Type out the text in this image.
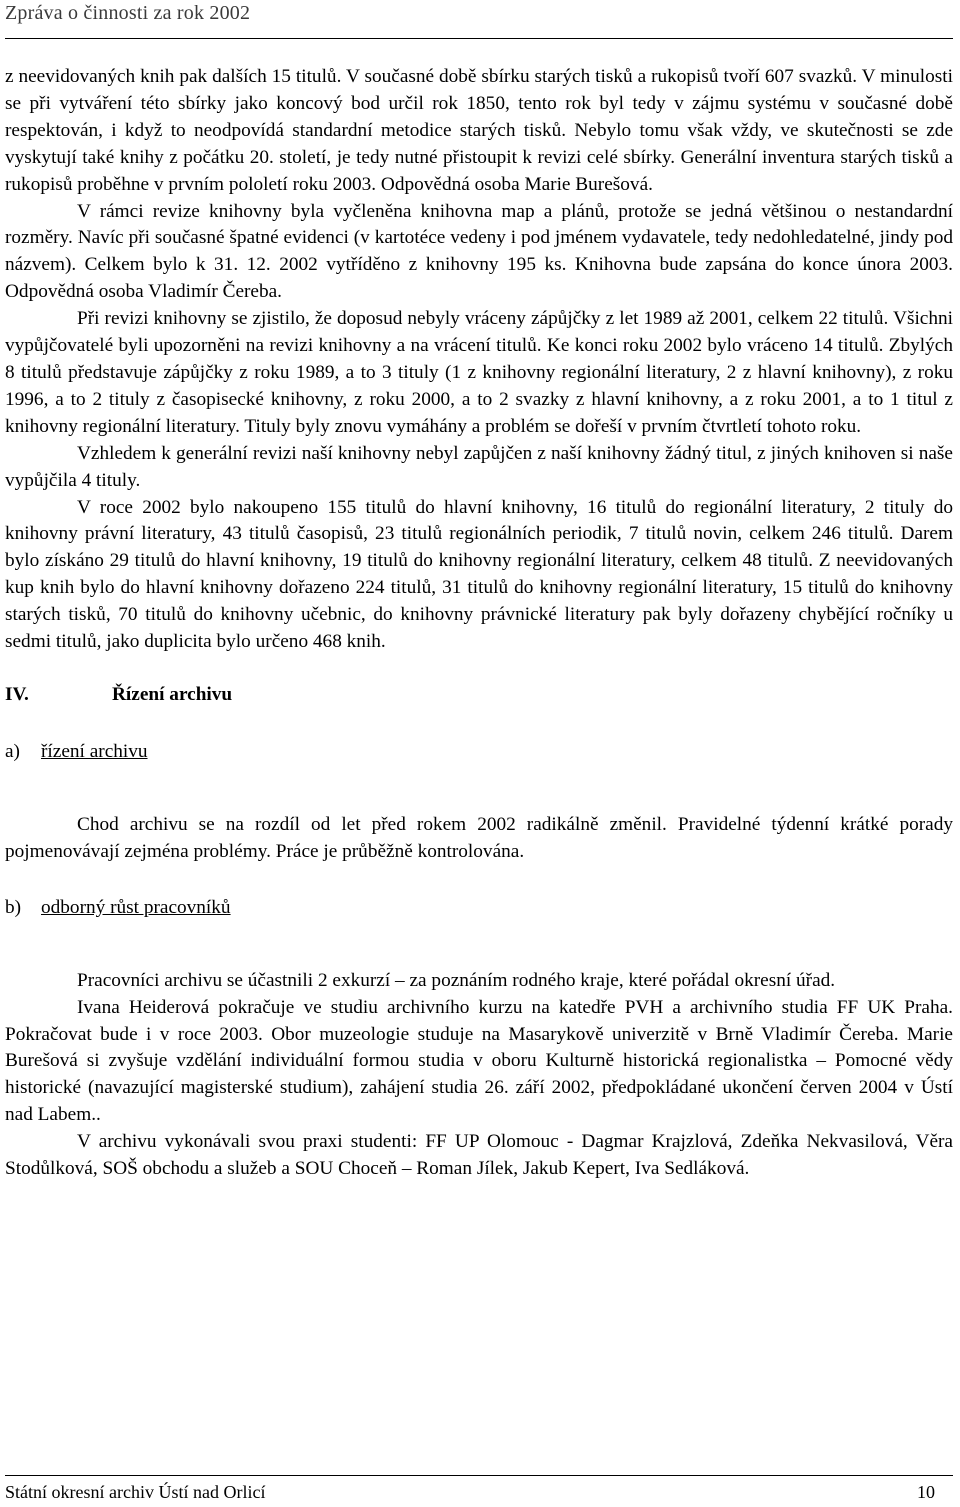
Zpráva o činnosti za rok 2002

z neevidovaných knih pak dalších 15 titulů. V současné době sbírku starých tisků a rukopisů tvoří 607 svazků. V minulosti se při vytváření této sbírky jako koncový bod určil rok 1850, tento rok byl tedy v zájmu systému v současné době respektován, i když to neodpovídá standardní metodice starých tisků. Nebylo tomu však vždy, ve skutečnosti se zde vyskytují také knihy z počátku 20. století, je tedy nutné přistoupit k revizi celé sbírky. Generální inventura starých tisků a rukopisů proběhne v prvním pololetí roku 2003. Odpovědná osoba Marie Burešová.

V rámci revize knihovny byla vyčleněna knihovna map a plánů, protože se jedná většinou o nestandardní rozměry. Navíc při současné špatné evidenci (v kartotéce vedeny i pod jménem vydavatele, tedy nedohledatelné, jindy pod názvem). Celkem bylo k 31. 12. 2002 vytříděno z knihovny 195 ks. Knihovna bude zapsána do konce února 2003. Odpovědná osoba Vladimír Čereba.

Při revizi knihovny se zjistilo, že doposud nebyly vráceny zápůjčky z let 1989 až 2001, celkem 22 titulů. Všichni vypůjčovatelé byli upozorněni na revizi knihovny a na vrácení titulů. Ke konci roku 2002 bylo vráceno 14 titulů. Zbylých 8 titulů představuje zápůjčky z roku 1989, a to 3 tituly (1 z knihovny regionální literatury, 2 z hlavní knihovny), z roku 1996, a to 2 tituly z časopisecké knihovny, z roku 2000, a to 2 svazky z hlavní knihovny, a z roku 2001, a to 1 titul z knihovny regionální literatury. Tituly byly znovu vymáhány a problém se dořeší v prvním čtvrtletí tohoto roku.

Vzhledem k generální revizi naší knihovny nebyl zapůjčen z naší knihovny žádný titul, z jiných knihoven si naše vypůjčila 4 tituly.

V roce 2002 bylo nakoupeno 155 titulů do hlavní knihovny, 16 titulů do regionální literatury, 2 tituly do knihovny právní literatury, 43 titulů časopisů, 23 titulů regionálních periodik, 7 titulů novin, celkem 246 titulů. Darem bylo získáno 29 titulů do hlavní knihovny, 19 titulů do knihovny regionální literatury, celkem 48 titulů. Z neevidovaných kup knih bylo do hlavní knihovny dořazeno 224 titulů, 31 titulů do knihovny regionální literatury, 15 titulů do knihovny starých tisků, 70 titulů do knihovny učebnic, do knihovny právnické literatury pak byly dořazeny chybějící ročníky u sedmi titulů, jako duplicita bylo určeno 468 knih.

IV.	Řízení archivu
a) řízení archivu

Chod archivu se na rozdíl od let před rokem 2002 radikálně změnil. Pravidelné týdenní krátké porady pojmenovávají zejména problémy. Práce je průběžně kontrolována.

b) odborný růst pracovníků

Pracovníci archivu se účastnili 2 exkurzí – za poznáním rodného kraje, které pořádal okresní úřad.

Ivana Heiderová pokračuje ve studiu archivního kurzu na katedře PVH a archivního studia FF UK Praha. Pokračovat bude i v roce 2003. Obor muzeologie studuje na Masarykově univerzitě v Brně Vladimír Čereba. Marie Burešová si zvyšuje vzdělání individuální formou studia v oboru Kulturně historická regionalistka – Pomocné vědy historické (navazující magisterské studium), zahájení studia 26. září 2002, předpokládané ukončení červen 2004 v Ústí nad Labem..

V archivu vykonávali svou praxi studenti: FF UP Olomouc - Dagmar Krajzlová, Zdeňka Nekvasilová, Věra Stodůlková, SOŠ obchodu a služeb a SOU Choceň – Roman Jílek, Jakub Kepert, Iva Sedláková.

Státní okresní archiv Ústí nad Orlicí	10
